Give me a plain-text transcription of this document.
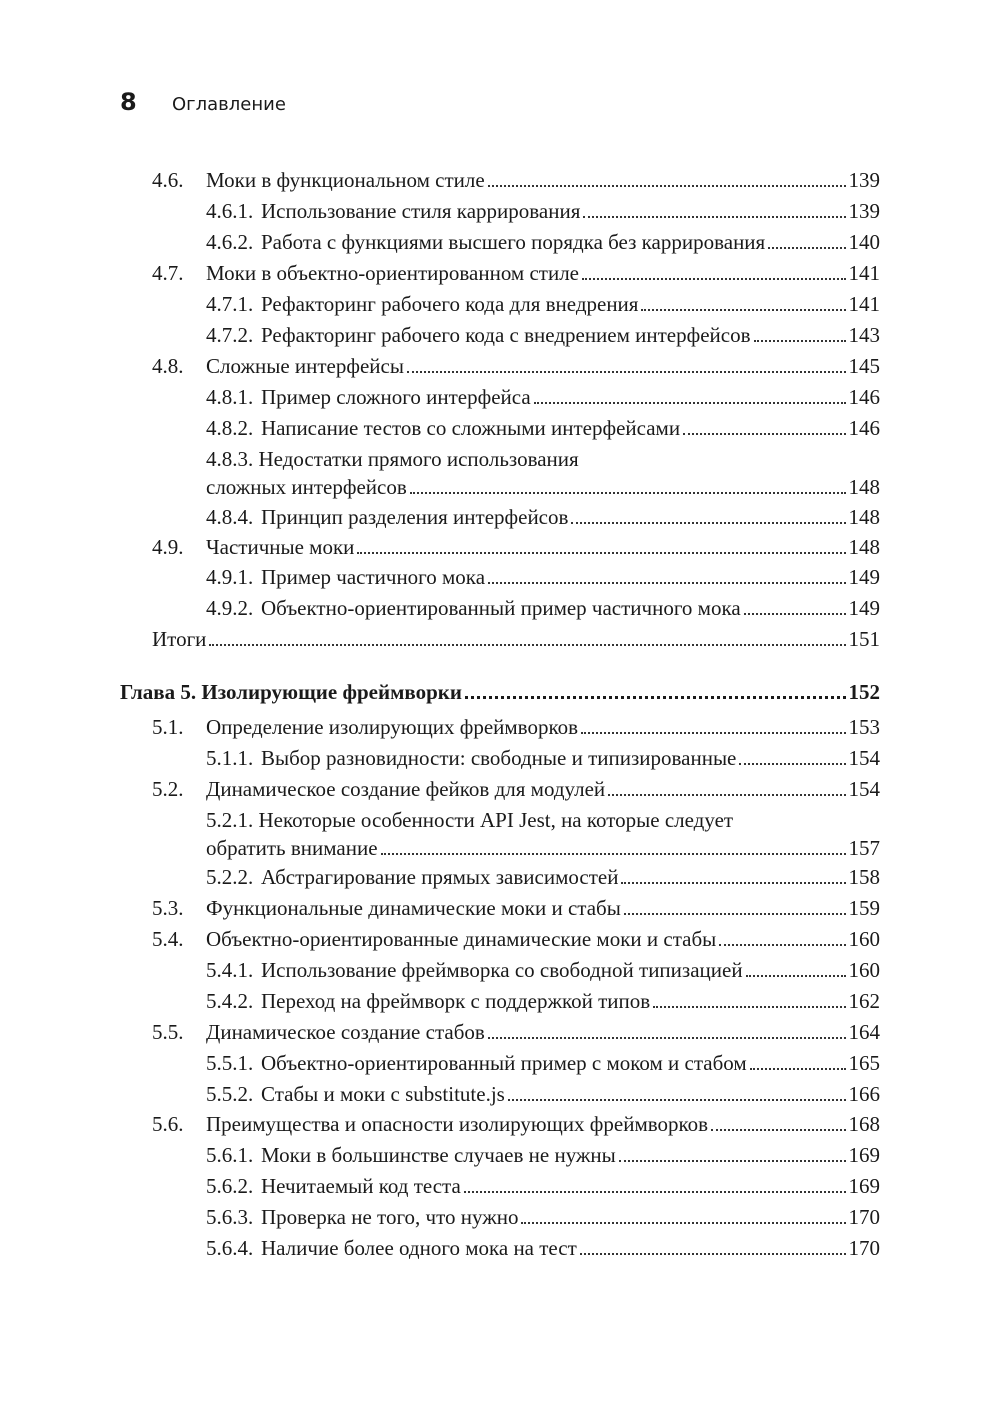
8	Оглавление
4.6.	Моки в функциональном стиле	139
4.6.1. Использование стиля каррирования	139
4.6.2. Работа с функциями высшего порядка без каррирования	140
4.7.	Моки в объектно-ориентированном стиле	141
4.7.1. Рефакторинг рабочего кода для внедрения	141
4.7.2. Рефакторинг рабочего кода с внедрением интерфейсов	143
4.8.	Сложные интерфейсы	145
4.8.1. Пример сложного интерфейса	146
4.8.2. Написание тестов со сложными интерфейсами	146
4.8.3. Недостатки прямого использования
сложных интерфейсов	148
4.8.4. Принцип разделения интерфейсов	148
4.9.	Частичные моки	148
4.9.1. Пример частичного мока	149
4.9.2. Объектно-ориентированный пример частичного мока	149
Итоги	151
Глава 5. Изолирующие фреймворки	152
5.1.	Определение изолирующих фреймворков	153
5.1.1. Выбор разновидности: свободные и типизированные	154
5.2.	Динамическое создание фейков для модулей	154
5.2.1. Некоторые особенности API Jest, на которые следует
обратить внимание	157
5.2.2. Абстрагирование прямых зависимостей	158
5.3.	Функциональные динамические моки и стабы	159
5.4.	Объектно-ориентированные динамические моки и стабы	160
5.4.1. Использование фреймворка со свободной типизацией	160
5.4.2. Переход на фреймворк с поддержкой типов	162
5.5.	Динамическое создание стабов	164
5.5.1. Объектно-ориентированный пример с моком и стабом	165
5.5.2. Стабы и моки с substitute.js	166
5.6.	Преимущества и опасности изолирующих фреймворков	168
5.6.1. Моки в большинстве случаев не нужны	169
5.6.2. Нечитаемый код теста	169
5.6.3. Проверка не того, что нужно	170
5.6.4. Наличие более одного мока на тест	170
